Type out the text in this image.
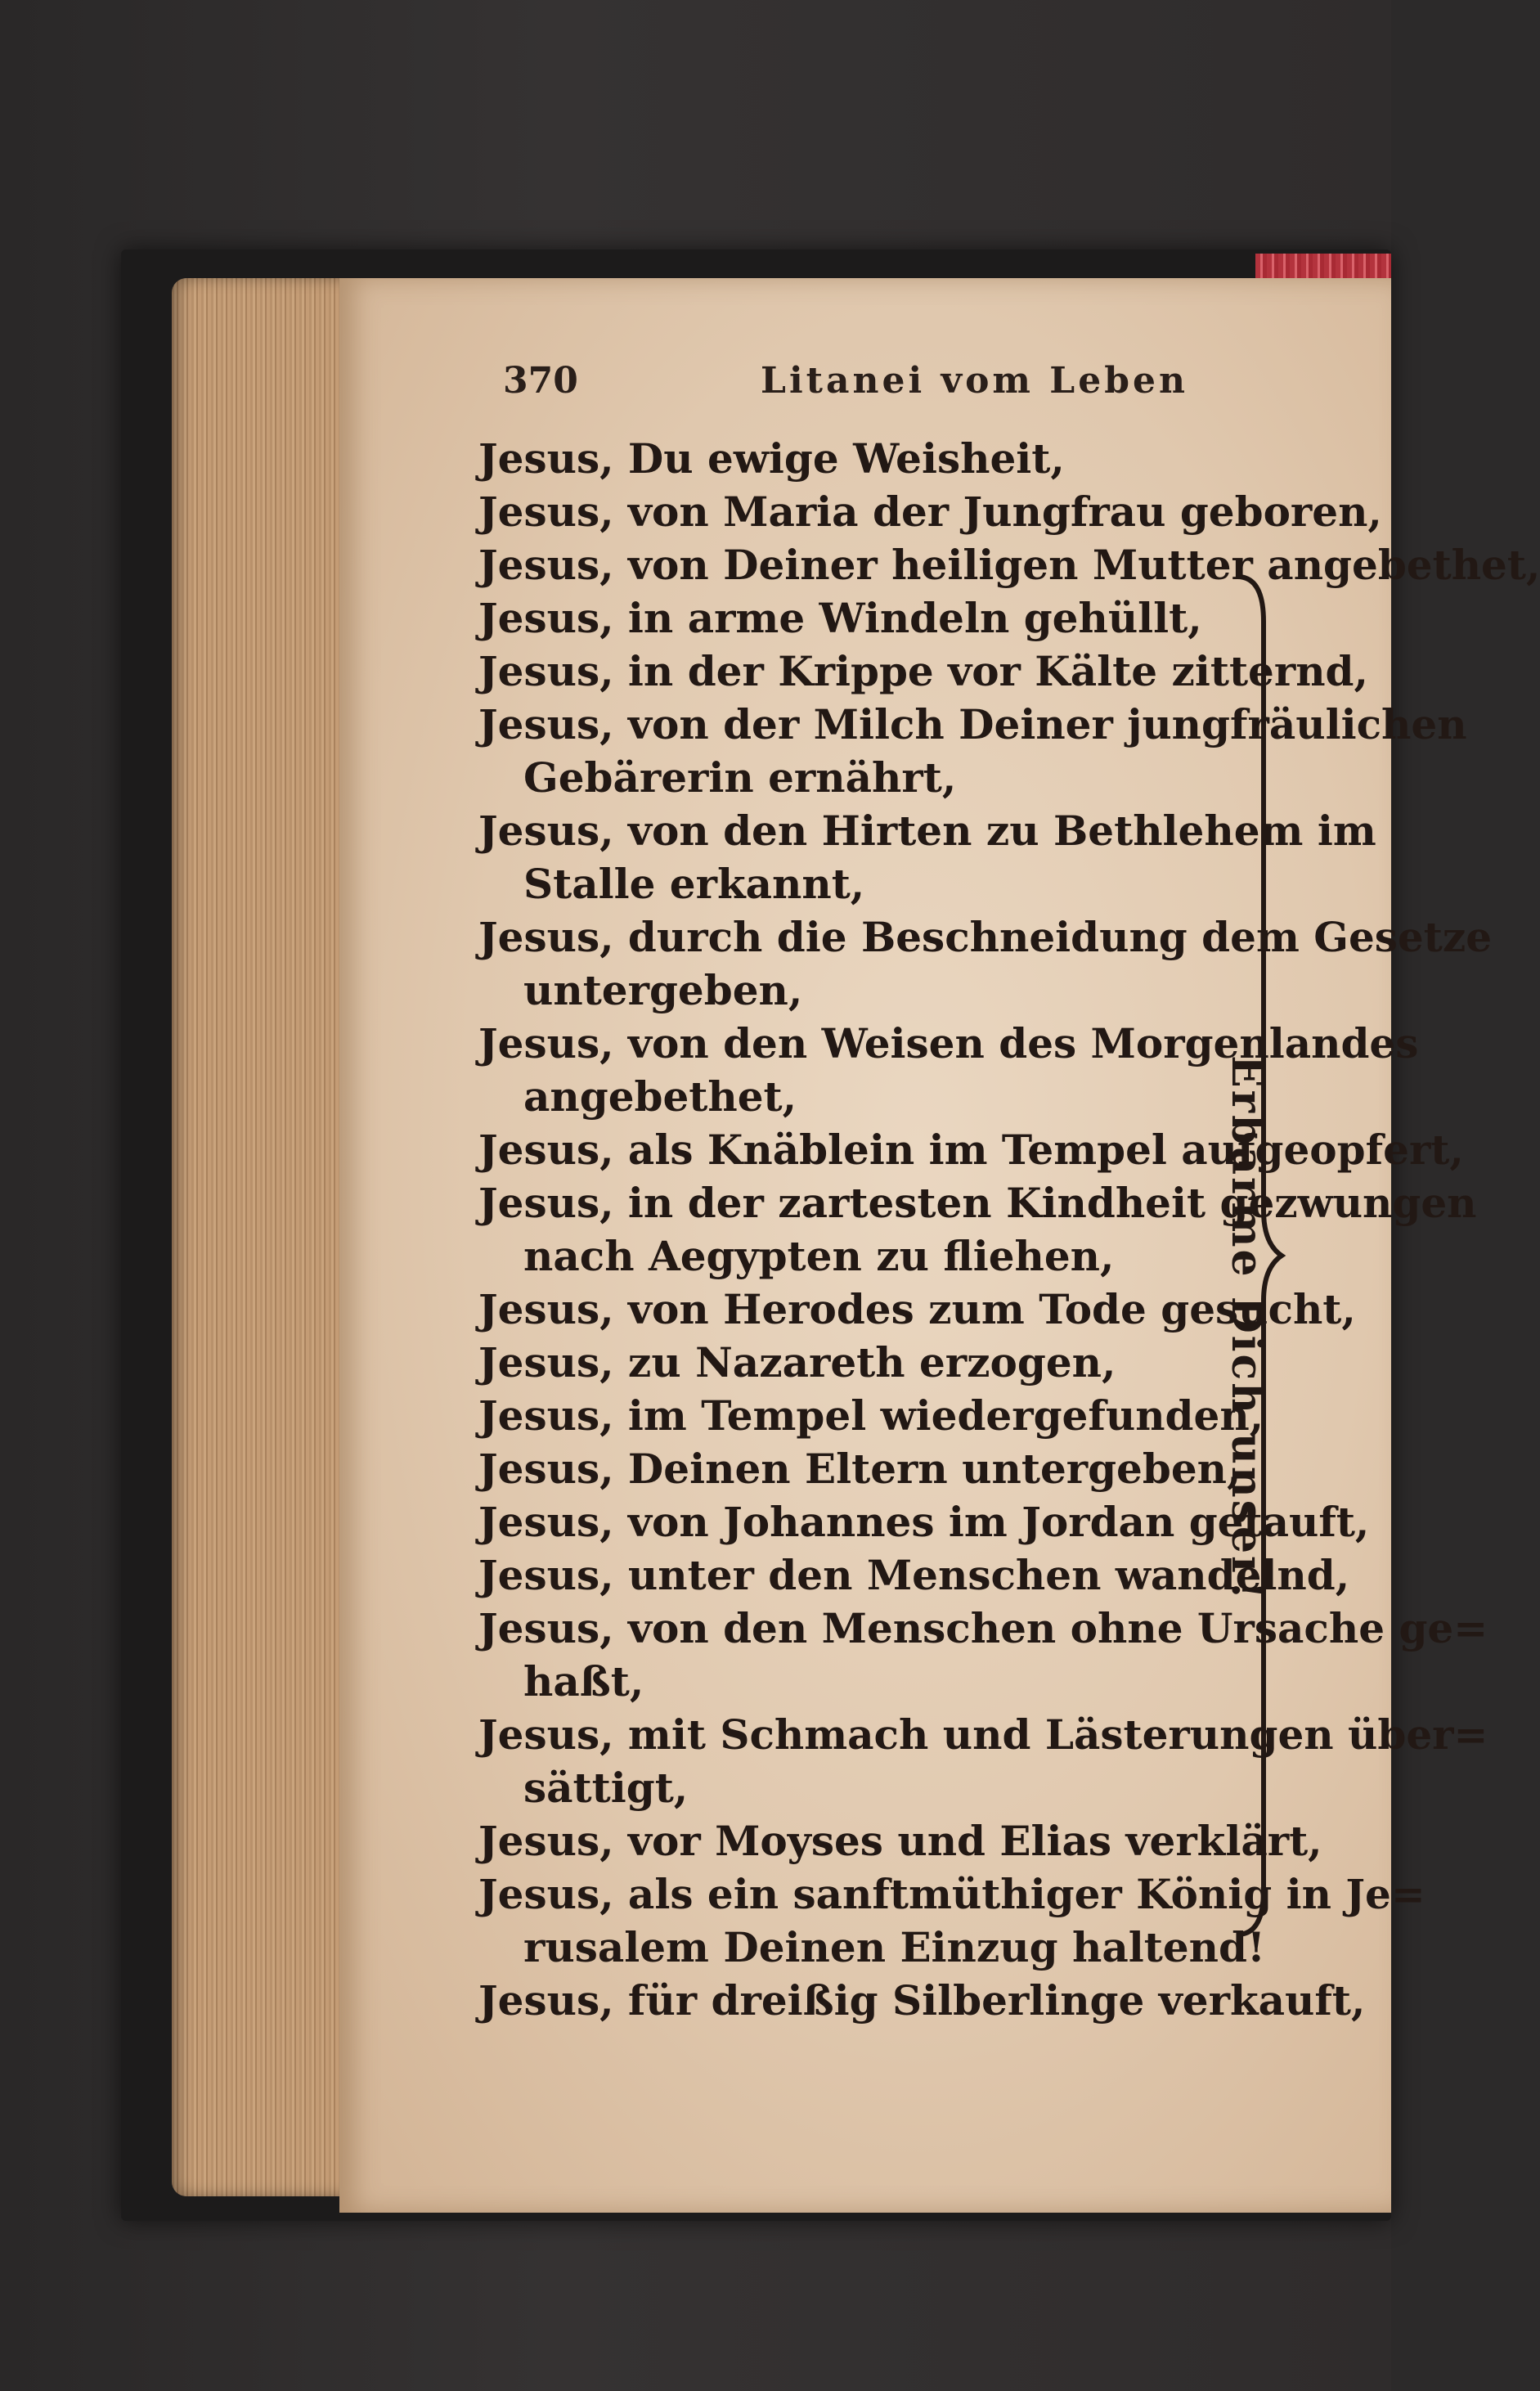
370	Litanei vom Leben
Jesus, Du ewige Weisheit,
Jesus, von Maria der Jungfrau geboren,
Jesus, von Deiner heiligen Mutter angebethet,
Jesus, in arme Windeln gehüllt,
Jesus, in der Krippe vor Kälte zitternd,
Jesus, von der Milch Deiner jungfräulichen
Gebärerin ernährt,
Jesus, von den Hirten zu Bethlehem im
Stalle erkannt,
Jesus, durch die Beschneidung dem Gesetze
untergeben,
Jesus, von den Weisen des Morgenlandes
angebethet,
Jesus, als Knäblein im Tempel aufgeopfert,
Jesus, in der zartesten Kindheit gezwungen
nach Aegypten zu fliehen,
Jesus, von Herodes zum Tode gesucht,
Jesus, zu Nazareth erzogen,
Jesus, im Tempel wiedergefunden,
Jesus, Deinen Eltern untergeben,
Jesus, von Johannes im Jordan getauft,
Jesus, unter den Menschen wandelnd,
Jesus, von den Menschen ohne Ursache ge=
haßt,
Jesus, mit Schmach und Lästerungen über=
sättigt,
Jesus, vor Moyses und Elias verklärt,
Jesus, als ein sanftmüthiger König in Je=
rusalem Deinen Einzug haltend!
Jesus, für dreißig Silberlinge verkauft,
Erbarme Dich unser!
